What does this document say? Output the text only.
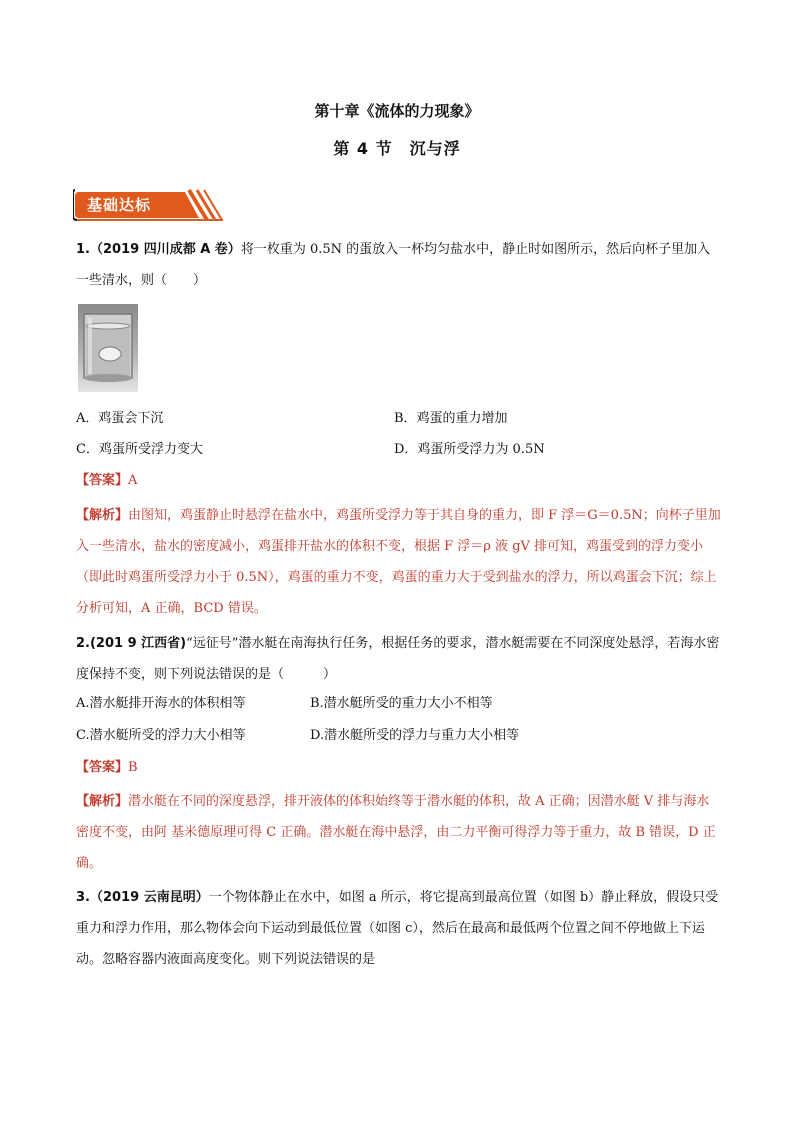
第十章《流体的力现象》
第 4 节　沉与浮
基础达标

1.（2019 四川成都 A 卷）将一枚重为 0.5N 的蛋放入一杯均匀盐水中，静止时如图所示，然后向杯子里加入一些清水，则（　　）

A．鸡蛋会下沉	B．鸡蛋的重力增加
C．鸡蛋所受浮力变大	D．鸡蛋所受浮力为 0.5N
【答案】A

【解析】由图知，鸡蛋静止时悬浮在盐水中，鸡蛋所受浮力等于其自身的重力，即 F 浮＝G＝0.5N；向杯子里加入一些清水，盐水的密度减小，鸡蛋排开盐水的体积不变，根据 F 浮＝ρ 液 gV 排可知，鸡蛋受到的浮力变小（即此时鸡蛋所受浮力小于 0.5N），鸡蛋的重力不变，鸡蛋的重力大于受到盐水的浮力，所以鸡蛋会下沉；综上分析可知，A 正确，BCD 错误。

2.(201 9 江西省)“远征号”潜水艇在南海执行任务，根据任务的要求，潜水艇需要在不同深度处悬浮，若海水密度保持不变，则下列说法错误的是（　　　）

A.潜水艇排开海水的体积相等	B.潜水艇所受的重力大小不相等
C.潜水艇所受的浮力大小相等	D.潜水艇所受的浮力与重力大小相等
【答案】B

【解析】潜水艇在不同的深度悬浮，排开液体的体积始终等于潜水艇的体积，故 A 正确；因潜水艇 V 排与海水密度不变，由阿 基米德原理可得 C 正确。潜水艇在海中悬浮，由二力平衡可得浮力等于重力，故 B 错误，D 正确。

3.（2019 云南昆明）一个物体静止在水中，如图 a 所示，将它提高到最高位置（如图 b）静止释放，假设只受重力和浮力作用，那么物体会向下运动到最低位置（如图 c），然后在最高和最低两个位置之间不停地做上下运动。忽略容器内液面高度变化。则下列说法错误的是
